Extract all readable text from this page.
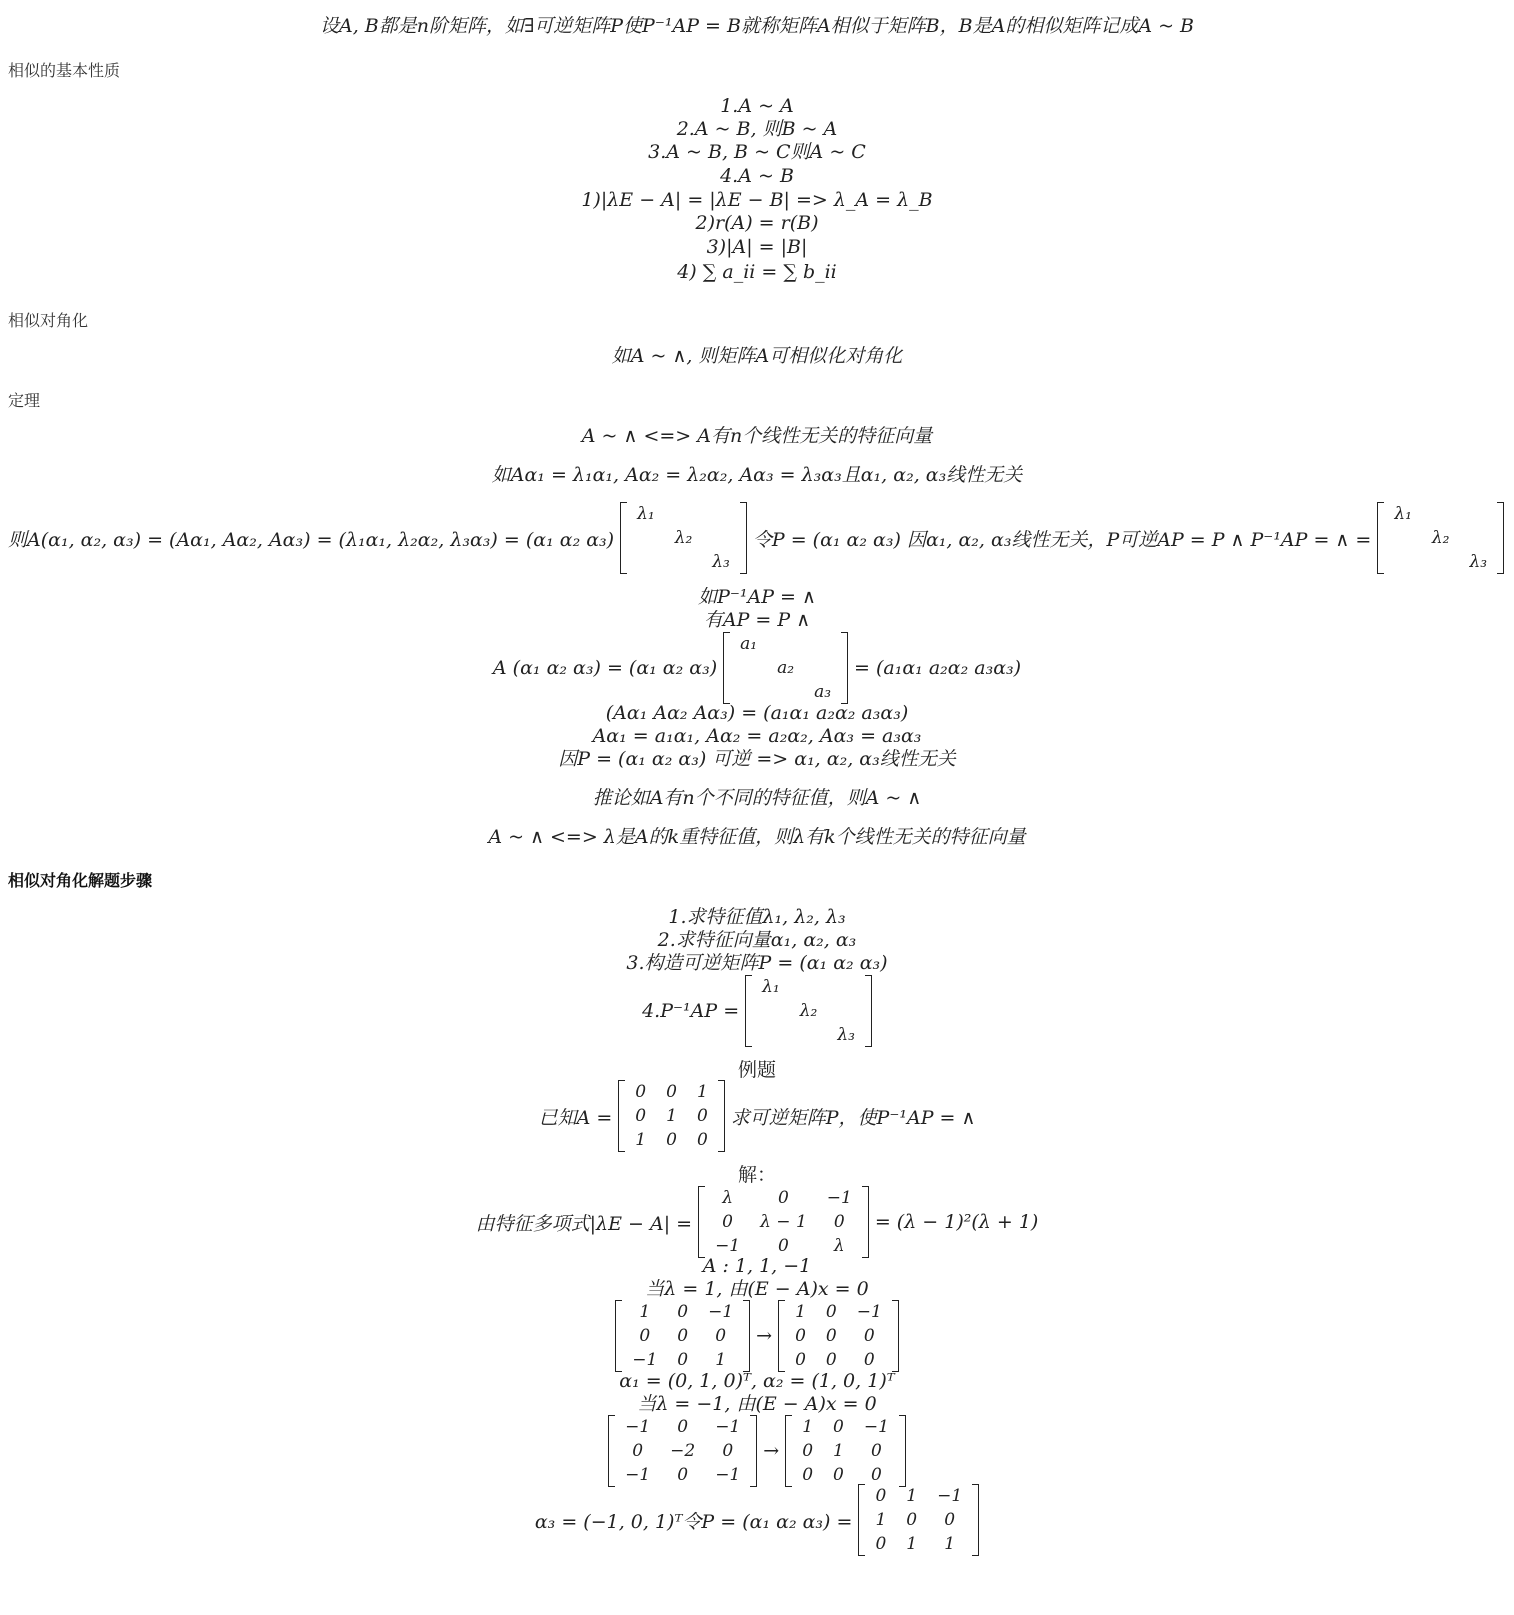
设A, B都是n阶矩阵，如∃可逆矩阵P使P⁻¹AP = B就称矩阵A相似于矩阵B，B是A的相似矩阵记成A ~ B
相似的基本性质
1.A ~ A
2.A ~ B, 则B ~ A
3.A ~ B, B ~ C则A ~ C
4.A ~ B
1)|λE − A| = |λE − B| => λ_A = λ_B
2)r(A) = r(B)
3)|A| = |B|
4) ∑ a_ii = ∑ b_ii
相似对角化
如A ~ ∧, 则矩阵A可相似化对角化
定理
A ~ ∧ <=> A有n个线性无关的特征向量
如Aα₁ = λ₁α₁, Aα₂ = λ₂α₂, Aα₃ = λ₃α₃且α₁, α₂, α₃线性无关
则A(α₁, α₂, α₃) = (Aα₁, Aα₂, Aα₃) = (λ₁α₁, λ₂α₂, λ₃α₃) = (α₁ α₂ α₃)
λ₁		
	λ₂	
		λ₃
令P = (α₁ α₂ α₃) 因α₁, α₂, α₃线性无关，P可逆AP = P ∧ P⁻¹AP = ∧ =
λ₁		
	λ₂	
		λ₃
如P⁻¹AP = ∧
有AP = P ∧
A (α₁ α₂ α₃) = (α₁ α₂ α₃)
a₁		
	a₂	
		a₃
= (a₁α₁ a₂α₂ a₃α₃)
(Aα₁ Aα₂ Aα₃) = (a₁α₁ a₂α₂ a₃α₃)
Aα₁ = a₁α₁, Aα₂ = a₂α₂, Aα₃ = a₃α₃
因P = (α₁ α₂ α₃) 可逆 => α₁, α₂, α₃线性无关
推论如A有n个不同的特征值，则A ~ ∧
A ~ ∧ <=> λ是A的k重特征值，则λ有k个线性无关的特征向量
相似对角化解题步骤
1.求特征值λ₁, λ₂, λ₃
2.求特征向量α₁, α₂, α₃
3.构造可逆矩阵P = (α₁ α₂ α₃)
4.P⁻¹AP =
λ₁		
	λ₂	
		λ₃
例题
已知A =
0	0	1
0	1	0
1	0	0
求可逆矩阵P，使P⁻¹AP = ∧
解：
由特征多项式|λE − A| =
λ	0	−1
0	λ − 1	0
−1	0	λ
= (λ − 1)²(λ + 1)
A : 1, 1, −1
当λ = 1, 由(E − A)x = 0
1	0	−1
0	0	0
−1	0	1
→
1	0	−1
0	0	0
0	0	0
α₁ = (0, 1, 0)ᵀ, α₂ = (1, 0, 1)ᵀ
当λ = −1, 由(E − A)x = 0
−1	0	−1
0	−2	0
−1	0	−1
→
1	0	−1
0	1	0
0	0	0
α₃ = (−1, 0, 1)ᵀ令P = (α₁ α₂ α₃) =
0	1	−1
1	0	0
0	1	1
